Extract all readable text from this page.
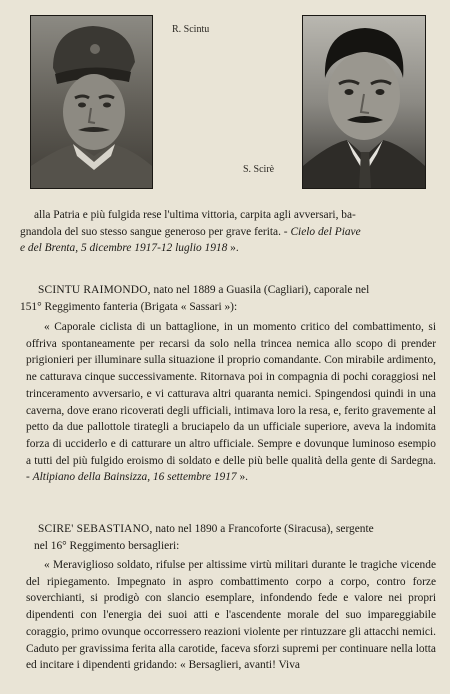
R. Scintu
S. Scirè
alla Patria e più fulgida rese l'ultima vittoria, carpita agli avversari, ba-
gnandola del suo stesso sangue generoso per grave ferita. - Cielo del Piave
e del Brenta, 5 dicembre 1917-12 luglio 1918 ».
SCINTU RAIMONDO, nato nel 1889 a Guasila (Cagliari), caporale nel
151° Reggimento fanteria (Brigata « Sassari »):
« Caporale ciclista di un battaglione, in un momento critico del combattimento, si offriva spontaneamente per recarsi da solo nella trincea nemica allo scopo di prender prigionieri per illuminare sulla situazione il proprio comandante. Con mirabile ardimento, ne catturava cinque successivamente. Ritornava poi in compagnia di pochi coraggiosi nel trinceramento avversario, e vi catturava altri quaranta nemici. Spingendosi quindi in una caverna, dove erano ricoverati degli ufficiali, intimava loro la resa, e, ferito gravemente al petto da due pallottole tirategli a bruciapelo da un ufficiale superiore, aveva la indomita forza di ucciderlo e di catturare un altro ufficiale. Sempre e dovunque luminoso esempio a tutti del più fulgido eroismo di soldato e delle più belle qualità della gente di Sardegna. - Altipiano della Bainsizza, 16 settembre 1917 ».
SCIRE' SEBASTIANO, nato nel 1890 a Francoforte (Siracusa), sergente
nel 16° Reggimento bersaglieri:
« Meraviglioso soldato, rifulse per altissime virtù militari durante le tragiche vicende del ripiegamento. Impegnato in aspro combattimento corpo a corpo, contro forze soverchianti, si prodigò con slancio esemplare, infondendo fede e valore nei propri dipendenti con l'energia dei suoi atti e l'ascendente morale del suo impareggiabile coraggio, primo ovunque occorressero reazioni violente per rintuzzare gli attacchi nemici. Caduto per gravissima ferita alla carotide, faceva sforzi supremi per continuare nella lotta ed incitare i dipendenti gridando: « Bersaglieri, avanti! Viva
